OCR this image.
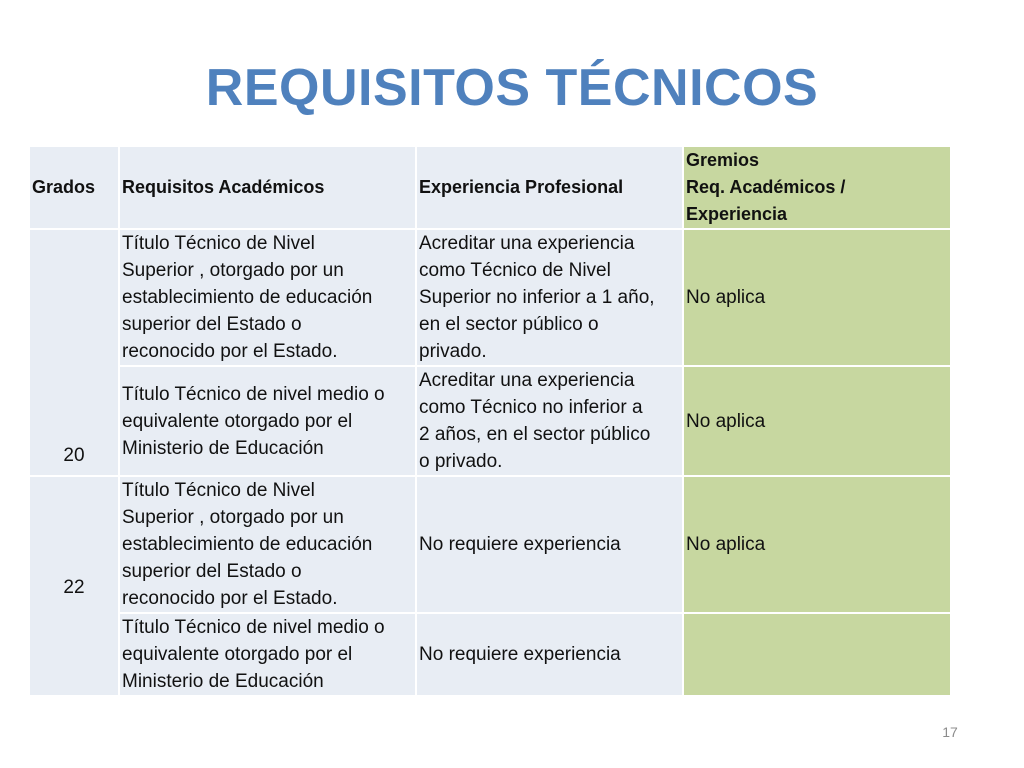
REQUISITOS TÉCNICOS
Grados	Requisitos Académicos	Experiencia Profesional	Gremios
Req. Académicos /
Experiencia
20	Título Técnico de Nivel
Superior , otorgado por un
establecimiento de educación
superior del Estado o
reconocido por el Estado.	Acreditar una experiencia
como Técnico de Nivel
Superior no inferior a 1 año,
en el sector público o
privado.	No aplica
	Título Técnico de nivel medio o
equivalente otorgado por el
Ministerio de Educación	Acreditar una experiencia
como Técnico no inferior a
2 años, en el sector público
o privado.	No aplica
22	Título Técnico de Nivel
Superior , otorgado por un
establecimiento de educación
superior del Estado o
reconocido por el Estado.	No requiere experiencia	No aplica
	Título Técnico de nivel medio o
equivalente otorgado por el
Ministerio de Educación	No requiere experiencia	
17
